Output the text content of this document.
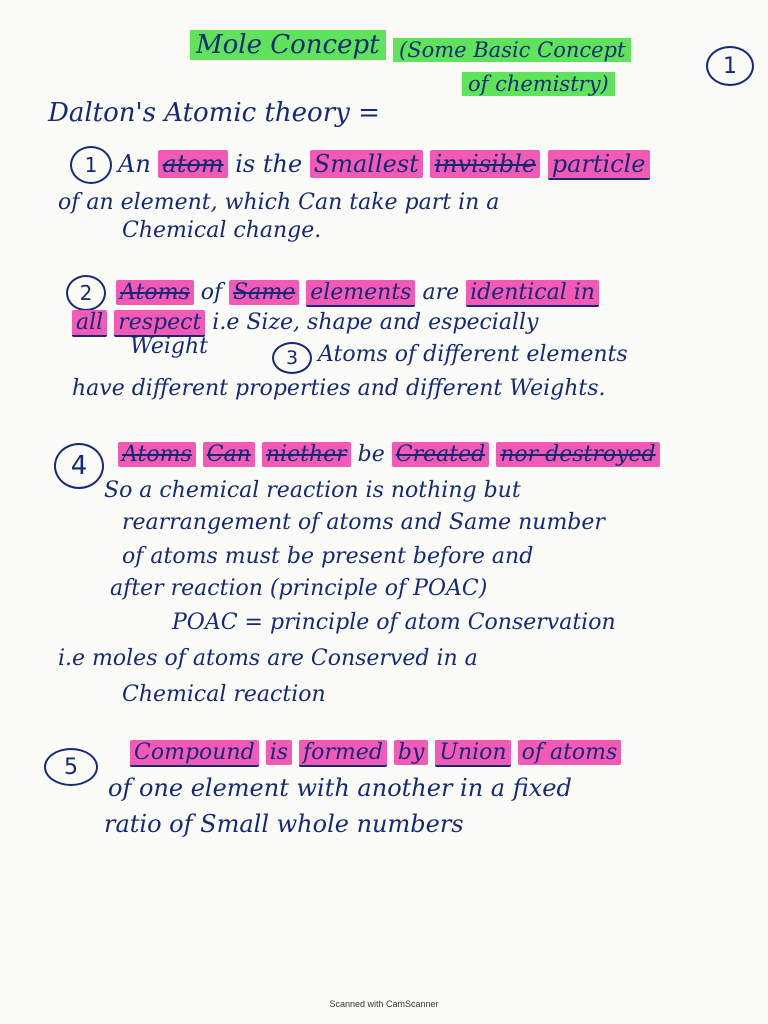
Mole Concept (Some Basic Concept
of chemistry)
1
Dalton's Atomic theory =
1 An atom is the Smallest invisible particle
of an element, which Can take part in a
Chemical change.
2	Atoms of Same elements are identical in
all respect i.e Size, shape and especially
Weight	3 Atoms of different elements
have different properties and different Weights.
4	Atoms Can niether be Created nor destroyed
So a chemical reaction is nothing but
rearrangement of atoms and Same number
of atoms must be present before and
after reaction (principle of POAC)
POAC = principle of atom Conservation
i.e moles of atoms are Conserved in a
Chemical reaction
5
Compound is formed by Union of atoms
of one element with another in a fixed
ratio of Small whole numbers
Scanned with CamScanner
